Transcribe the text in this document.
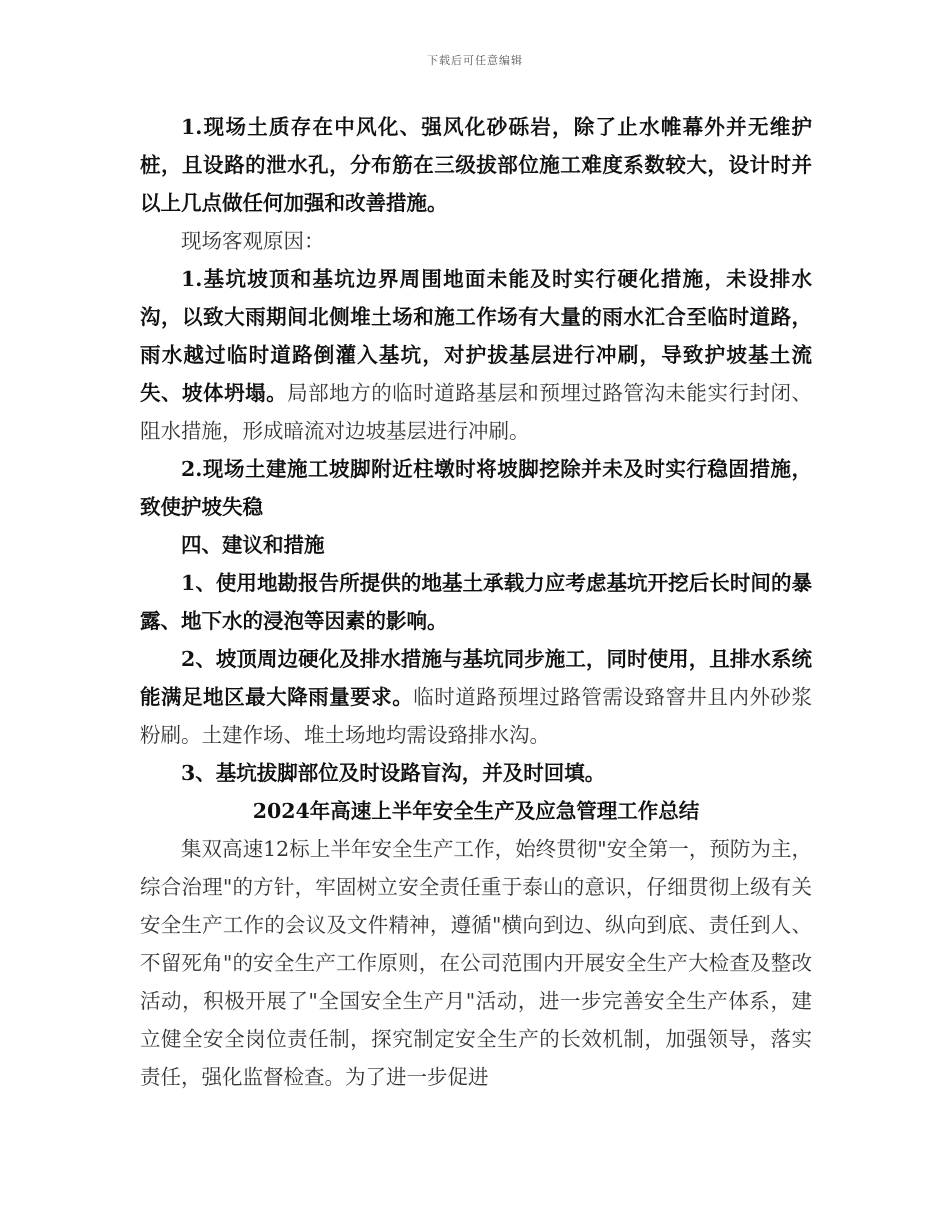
下载后可任意编辑

1.现场土质存在中风化、强风化砂砾岩，除了止水帷幕外并无维护桩，且设路的泄水孔，分布筋在三级拔部位施工难度系数较大，设计时并以上几点做任何加强和改善措施。

现场客观原因：

1.基坑坡顶和基坑边界周围地面未能及时实行硬化措施，未设排水沟，以致大雨期间北侧堆土场和施工作场有大量的雨水汇合至临时道路，雨水越过临时道路倒灌入基坑，对护拔基层进行冲刷，导致护坡基土流失、坡体坍塌。局部地方的临时道路基层和预埋过路管沟未能实行封闭、阻水措施，形成暗流对边坡基层进行冲刷。

2.现场土建施工坡脚附近柱墩时将坡脚挖除并未及时实行稳固措施，致使护坡失稳

四、建议和措施

1、使用地勘报告所提供的地基土承载力应考虑基坑开挖后长时间的暴露、地下水的浸泡等因素的影响。

2、坡顶周边硬化及排水措施与基坑同步施工，同时使用，且排水系统能满足地区最大降雨量要求。临时道路预埋过路管需设臵窨井且内外砂浆粉刷。土建作场、堆土场地均需设臵排水沟。

3、基坑拔脚部位及时设路盲沟，并及时回填。

2024年高速上半年安全生产及应急管理工作总结

集双高速12标上半年安全生产工作，始终贯彻"安全第一，预防为主，综合治理"的方针，牢固树立安全责任重于泰山的意识，仔细贯彻上级有关安全生产工作的会议及文件精神，遵循"横向到边、纵向到底、责任到人、不留死角"的安全生产工作原则，在公司范围内开展安全生产大检查及整改活动，积极开展了"全国安全生产月"活动，进一步完善安全生产体系，建立健全安全岗位责任制，探究制定安全生产的长效机制，加强领导，落实责任，强化监督检查。为了进一步促进
